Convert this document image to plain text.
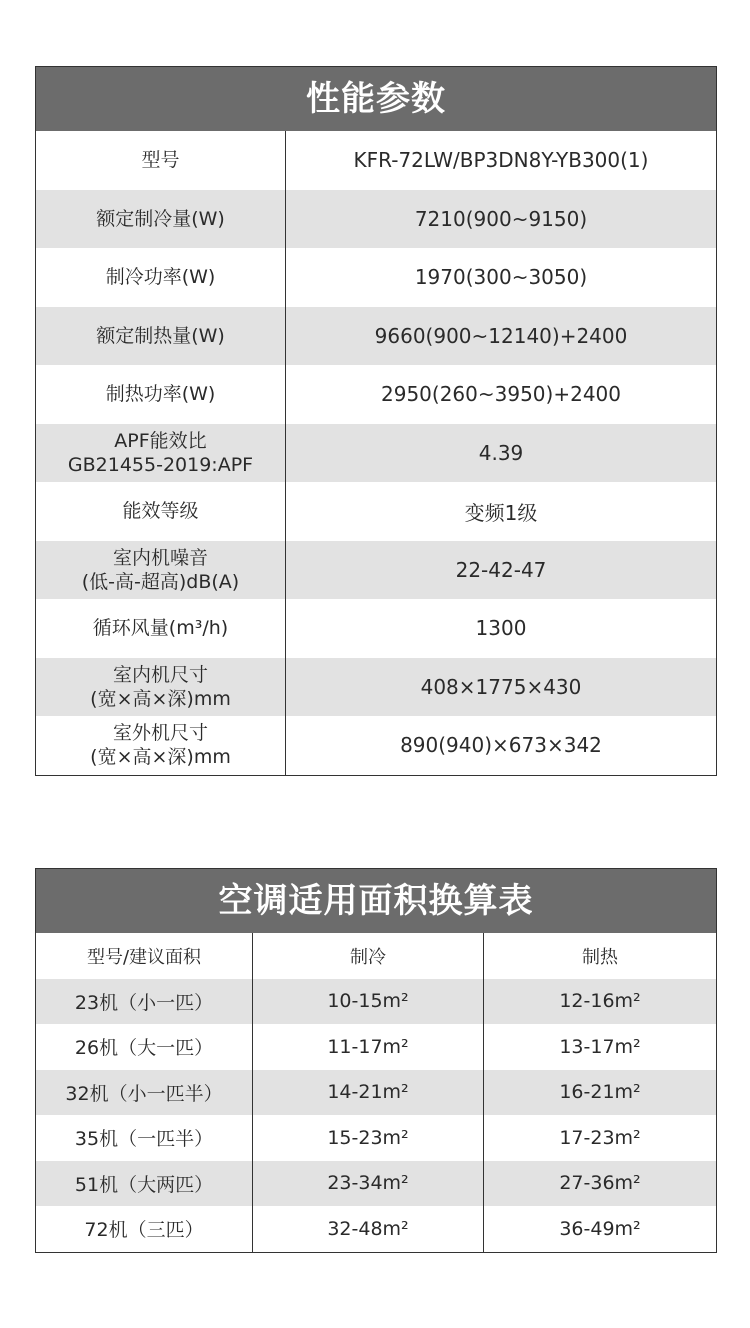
性能参数
型号	KFR-72LW/BP3DN8Y-YB300(1)
额定制冷量(W)	7210(900~9150)
制冷功率(W)	1970(300~3050)
额定制热量(W)	9660(900~12140)+2400
制热功率(W)	2950(260~3950)+2400
APF能效比
GB21455-2019:APF	4.39
能效等级	变频1级
室内机噪音
(低-高-超高)dB(A)	22-42-47
循环风量(m³/h)	1300
室内机尺寸
(宽×高×深)mm	408×1775×430
室外机尺寸
(宽×高×深)mm	890(940)×673×342
空调适用面积换算表
型号/建议面积	制冷	制热
23机（小一匹）	10-15m²	12-16m²
26机（大一匹）	11-17m²	13-17m²
32机（小一匹半）	14-21m²	16-21m²
35机（一匹半）	15-23m²	17-23m²
51机（大两匹）	23-34m²	27-36m²
72机（三匹）	32-48m²	36-49m²
